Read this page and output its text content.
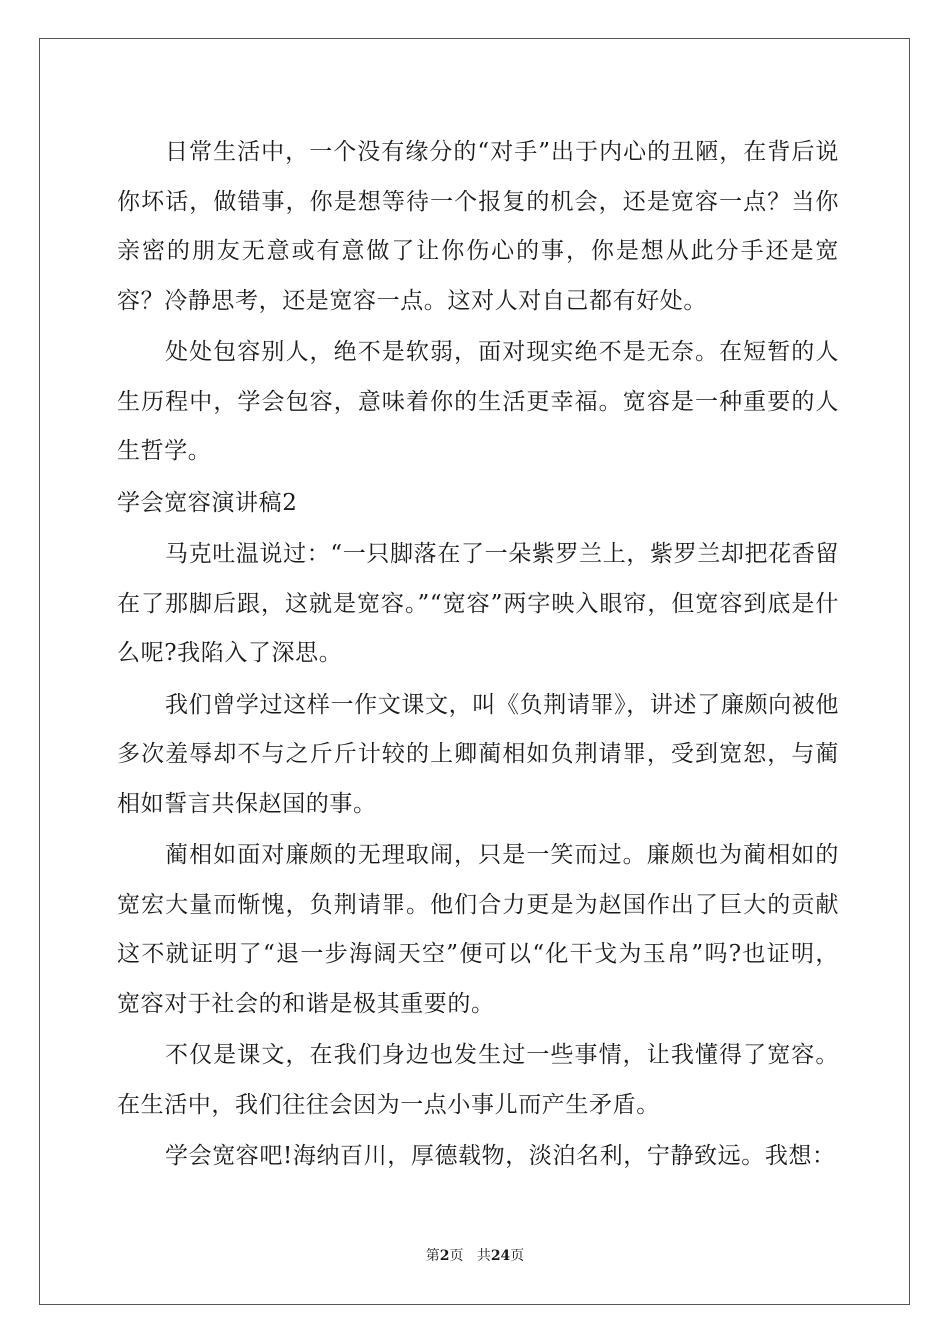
日常生活中，一个没有缘分的“对手”出于内心的丑陋，在背后说你坏话，做错事，你是想等待一个报复的机会，还是宽容一点？当你亲密的朋友无意或有意做了让你伤心的事，你是想从此分手还是宽容？冷静思考，还是宽容一点。这对人对自己都有好处。

处处包容别人，绝不是软弱，面对现实绝不是无奈。在短暂的人生历程中，学会包容，意味着你的生活更幸福。宽容是一种重要的人生哲学。

学会宽容演讲稿2

马克吐温说过：“一只脚落在了一朵紫罗兰上，紫罗兰却把花香留在了那脚后跟，这就是宽容。”“宽容”两字映入眼帘，但宽容到底是什么呢?我陷入了深思。

我们曾学过这样一作文课文，叫《负荆请罪》，讲述了廉颇向被他多次羞辱却不与之斤斤计较的上卿蔺相如负荆请罪，受到宽恕，与蔺相如誓言共保赵国的事。

蔺相如面对廉颇的无理取闹，只是一笑而过。廉颇也为蔺相如的宽宏大量而惭愧，负荆请罪。他们合力更是为赵国作出了巨大的贡献这不就证明了“退一步海阔天空”便可以“化干戈为玉帛”吗?也证明，宽容对于社会的和谐是极其重要的。

不仅是课文，在我们身边也发生过一些事情，让我懂得了宽容。在生活中，我们往往会因为一点小事儿而产生矛盾。

学会宽容吧!海纳百川，厚德载物，淡泊名利，宁静致远。我想：

第2页 共24页
